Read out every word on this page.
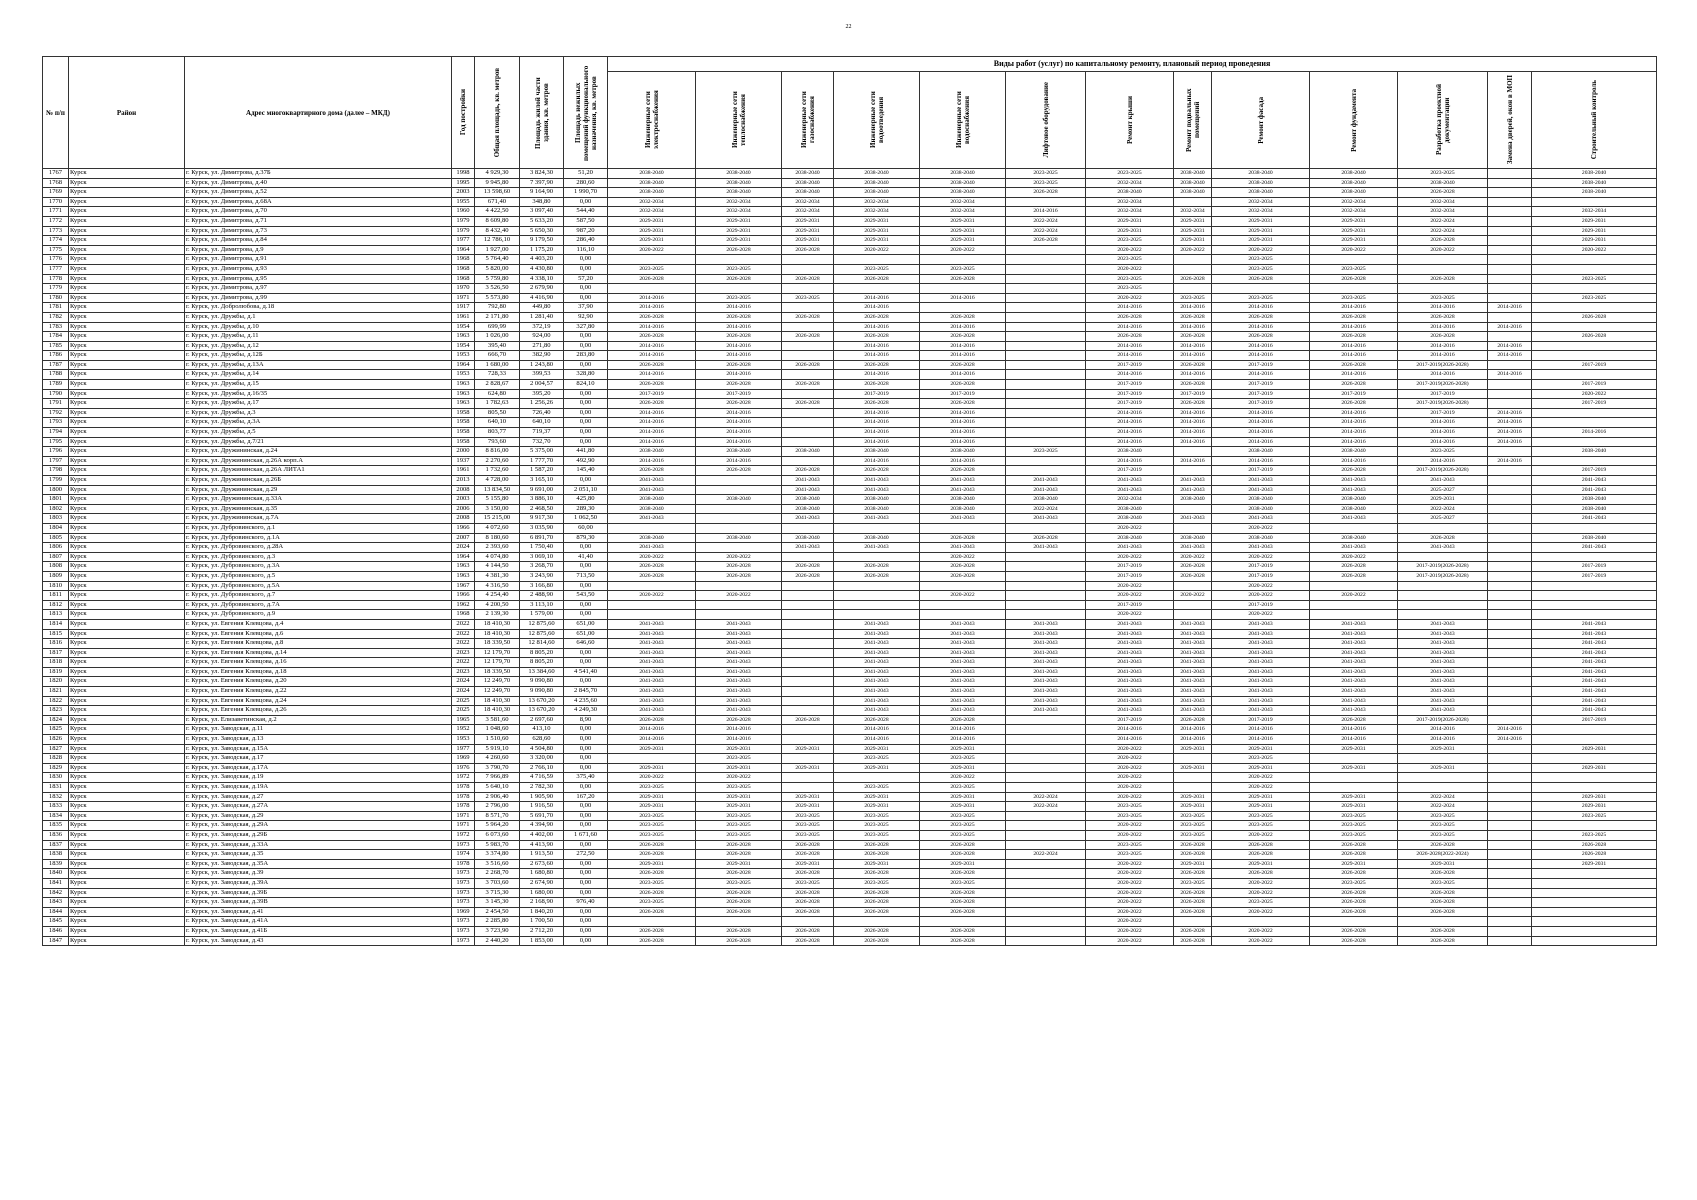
22
№ п/п	Район	Адрес многоквартирного дома (далее – МКД)	Год постройки	Общая площадь, кв. метров	Площадь жилой части здания, кв. метров	Площадь нежилых помещений функционального назначения, кв. метров	Виды работ (услуг) по капитальному ремонту, плановый период проведения												

							Инженерные сети электроснабжения	Инженерные сети теплоснабжения	Инженерные сети газоснабжения	Инженерные сети водоотведения	Инженерные сети водоснабжения	Лифтовое оборудование	Ремонт крыши	Ремонт подвальных помещений	Ремонт фасада	Ремонт фундамента	Разработка проектной документации	Замена дверей, окон в МОП	Строительный контроль

1767	Курск	г. Курск, ул. Димитрова, д.37Б	1998	4 929,30	3 824,30	51,20	2038-2040	2038-2040	2038-2040	2038-2040	2038-2040	2023-2025	2023-2025	2038-2040	2038-2040	2038-2040	2023-2025		2038-2040
1768	Курск	г. Курск, ул. Димитрова, д.40	1995	9 945,80	7 397,90	280,60	2038-2040	2038-2040	2038-2040	2038-2040	2038-2040	2023-2025	2032-2034	2038-2040	2038-2040	2038-2040	2038-2040		2038-2040
1769	Курск	г. Курск, ул. Димитрова, д.52	2003	13 598,60	9 164,90	1 990,70	2038-2040	2038-2040	2038-2040	2038-2040	2038-2040	2026-2028	2038-2040	2038-2040	2038-2040	2038-2040	2026-2028		2038-2040
1770	Курск	г. Курск, ул. Димитрова, д.68А	1955	671,40	348,80	0,00	2032-2034	2032-2034	2032-2034	2032-2034	2032-2034		2032-2034		2032-2034	2032-2034	2032-2034		
1771	Курск	г. Курск, ул. Димитрова, д.70	1960	4 422,50	3 097,40	544,40	2032-2034	2032-2034	2032-2034	2032-2034	2032-2034	2014-2016	2032-2034	2032-2034	2032-2034	2032-2034	2032-2034		2032-2034
1772	Курск	г. Курск, ул. Димитрова, д.71	1979	8 609,80	5 633,20	587,50	2029-2031	2029-2031	2029-2031	2029-2031	2029-2031	2022-2024	2029-2031	2029-2031	2029-2031	2029-2031	2022-2024		2029-2031
1773	Курск	г. Курск, ул. Димитрова, д.73	1979	8 432,40	5 650,30	987,20	2029-2031	2029-2031	2029-2031	2029-2031	2029-2031	2022-2024	2029-2031	2029-2031	2029-2031	2029-2031	2022-2024		2029-2031
1774	Курск	г. Курск, ул. Димитрова, д.84	1977	12 786,10	9 179,50	286,40	2029-2031	2029-2031	2029-2031	2029-2031	2029-2031	2026-2028	2023-2025	2029-2031	2029-2031	2029-2031	2026-2028		2029-2031
1775	Курск	г. Курск, ул. Димитрова, д.9	1964	1 927,00	1 175,20	116,10	2020-2022	2026-2028	2026-2028	2020-2022	2020-2022		2020-2022	2020-2022	2020-2022	2020-2022	2020-2022		2020-2022
1776	Курск	г. Курск, ул. Димитрова, д.91	1968	5 764,40	4 403,20	0,00							2023-2025		2023-2025				
1777	Курск	г. Курск, ул. Димитрова, д.93	1968	5 820,00	4 430,80	0,00	2023-2025	2023-2025		2023-2025	2023-2025		2020-2022		2023-2025	2023-2025			
1778	Курск	г. Курск, ул. Димитрова, д.95	1968	5 759,80	4 338,10	57,20	2026-2028	2026-2028	2026-2028	2026-2028	2026-2028		2023-2025	2026-2028	2026-2028	2026-2028	2026-2028		2023-2025
1779	Курск	г. Курск, ул. Димитрова, д.97	1970	3 526,50	2 679,90	0,00							2023-2025						
1780	Курск	г. Курск, ул. Димитрова, д.99	1971	5 573,80	4 416,90	0,00	2014-2016	2023-2025	2023-2025	2014-2016	2014-2016		2020-2022	2023-2025	2023-2025	2023-2025	2023-2025		2023-2025
1781	Курск	г. Курск, ул. Добролюбова, д.18	1917	792,80	449,80	37,90	2014-2016	2014-2016		2014-2016			2014-2016	2014-2016	2014-2016	2014-2016	2014-2016	2014-2016	
1782	Курск	г. Курск, ул. Дружбы, д.1	1961	2 171,80	1 281,40	92,90	2026-2028	2026-2028	2026-2028	2026-2028	2026-2028		2026-2028	2026-2028	2026-2028	2026-2028	2026-2028		2026-2028
1783	Курск	г. Курск, ул. Дружбы, д.10	1954	699,99	372,19	327,80	2014-2016	2014-2016		2014-2016	2014-2016		2014-2016	2014-2016	2014-2016	2014-2016	2014-2016	2014-2016	
1784	Курск	г. Курск, ул. Дружбы, д.11	1963	1 026,00	924,00	0,00	2026-2028	2026-2028	2026-2028	2026-2028	2026-2028		2026-2028	2026-2028	2026-2028	2026-2028	2026-2028		2026-2028
1785	Курск	г. Курск, ул. Дружбы, д.12	1954	395,40	271,80	0,00	2014-2016	2014-2016		2014-2016	2014-2016		2014-2016	2014-2016	2014-2016	2014-2016	2014-2016	2014-2016	
1786	Курск	г. Курск, ул. Дружбы, д.12Б	1953	666,70	382,90	283,80	2014-2016	2014-2016		2014-2016	2014-2016		2014-2016	2014-2016	2014-2016	2014-2016	2014-2016	2014-2016	
1787	Курск	г. Курск, ул. Дружбы, д.13А	1964	1 680,00	1 243,80	0,00	2026-2028	2026-2028	2026-2028	2026-2028	2026-2028		2017-2019	2026-2028	2017-2019	2026-2028	2017-2019(2026-2028)		2017-2019
1788	Курск	г. Курск, ул. Дружбы, д.14	1953	728,33	399,53	328,80	2014-2016	2014-2016		2014-2016	2014-2016		2014-2016	2014-2016	2014-2016	2014-2016	2014-2016	2014-2016	
1789	Курск	г. Курск, ул. Дружбы, д.15	1963	2 828,67	2 004,57	824,10	2026-2028	2026-2028	2026-2028	2026-2028	2026-2028		2017-2019	2026-2028	2017-2019	2026-2028	2017-2019(2026-2028)		2017-2019
1790	Курск	г. Курск, ул. Дружбы, д.16/35	1963	624,80	395,20	0,00	2017-2019	2017-2019		2017-2019	2017-2019		2017-2019	2017-2019	2017-2019	2017-2019	2017-2019		2020-2022
1791	Курск	г. Курск, ул. Дружбы, д.17	1963	1 782,63	1 256,26	0,00	2026-2028	2026-2028	2026-2028	2026-2028	2026-2028		2017-2019	2026-2028	2017-2019	2026-2028	2017-2019(2026-2028)		2017-2019
1792	Курск	г. Курск, ул. Дружбы, д.3	1958	805,50	726,40	0,00	2014-2016	2014-2016		2014-2016	2014-2016		2014-2016	2014-2016	2014-2016	2014-2016	2017-2019	2014-2016	
1793	Курск	г. Курск, ул. Дружбы, д.3А	1958	640,10	640,10	0,00	2014-2016	2014-2016		2014-2016	2014-2016		2014-2016	2014-2016	2014-2016	2014-2016	2014-2016	2014-2016	
1794	Курск	г. Курск, ул. Дружбы, д.5	1958	803,77	719,37	0,00	2014-2016	2014-2016		2014-2016	2014-2016		2014-2016	2014-2016	2014-2016	2014-2016	2014-2016	2014-2016	2014-2016
1795	Курск	г. Курск, ул. Дружбы, д.7/21	1958	793,60	732,70	0,00	2014-2016	2014-2016		2014-2016	2014-2016		2014-2016	2014-2016	2014-2016	2014-2016	2014-2016	2014-2016	
1796	Курск	г. Курск, ул. Дружининская, д.24	2000	8 816,00	5 375,00	441,80	2038-2040	2038-2040	2038-2040	2038-2040	2038-2040	2023-2025	2038-2040		2038-2040	2038-2040	2023-2025		2038-2040
1797	Курск	г. Курск, ул. Дружининская, д.26А корп.А	1937	2 270,60	1 777,70	492,90	2014-2016	2014-2016		2014-2016	2014-2016		2014-2016	2014-2016	2014-2016	2014-2016	2014-2016	2014-2016	
1798	Курск	г. Курск, ул. Дружининская, д.26А ЛИТА1	1961	1 732,60	1 587,20	145,40	2026-2028	2026-2028	2026-2028	2026-2028	2026-2028		2017-2019		2017-2019	2026-2028	2017-2019(2026-2028)		2017-2019
1799	Курск	г. Курск, ул. Дружининская, д.26Б	2013	4 728,00	3 165,10	0,00	2041-2043		2041-2043	2041-2043	2041-2043	2041-2043	2041-2043	2041-2043	2041-2043	2041-2043	2041-2043		2041-2043
1800	Курск	г. Курск, ул. Дружининская, д.29	2008	13 834,50	9 691,00	2 051,10	2041-2043		2041-2043	2041-2043	2041-2043	2041-2043	2041-2043	2041-2043	2041-2043	2041-2043	2025-2027		2041-2043
1801	Курск	г. Курск, ул. Дружининская, д.33А	2003	5 155,80	3 886,10	425,80	2038-2040	2038-2040	2038-2040	2038-2040	2038-2040	2038-2040	2032-2034	2038-2040	2038-2040	2038-2040	2029-2031		2038-2040
1802	Курск	г. Курск, ул. Дружининская, д.35	2006	3 150,00	2 468,50	289,30	2038-2040		2038-2040	2038-2040	2038-2040	2022-2024	2038-2040		2038-2040	2038-2040	2022-2024		2038-2040
1803	Курск	г. Курск, ул. Дружининская, д.7А	2008	15 215,00	9 917,30	1 062,50	2041-2043		2041-2043	2041-2043	2041-2043	2041-2043	2038-2040	2041-2043	2041-2043	2041-2043	2025-2027		2041-2043
1804	Курск	г. Курск, ул. Дубровинского, д.1	1966	4 072,60	3 035,90	60,00							2020-2022		2020-2022				
1805	Курск	г. Курск, ул. Дубровинского, д.1А	2007	8 180,60	6 891,70	879,30	2038-2040	2038-2040	2038-2040	2038-2040	2026-2028	2026-2028	2038-2040	2038-2040	2038-2040	2038-2040	2026-2028		2038-2040
1806	Курск	г. Курск, ул. Дубровинского, д.28А	2024	2 393,60	1 750,40	0,00	2041-2043		2041-2043	2041-2043	2041-2043	2041-2043	2041-2043	2041-2043	2041-2043	2041-2043	2041-2043		2041-2043
1807	Курск	г. Курск, ул. Дубровинского, д.3	1964	4 074,80	3 069,10	41,40	2020-2022	2020-2022			2020-2022		2020-2022	2020-2022	2020-2022	2020-2022			
1808	Курск	г. Курск, ул. Дубровинского, д.3А	1963	4 144,50	3 268,70	0,00	2026-2028	2026-2028	2026-2028	2026-2028	2026-2028		2017-2019	2026-2028	2017-2019	2026-2028	2017-2019(2026-2028)		2017-2019
1809	Курск	г. Курск, ул. Дубровинского, д.5	1963	4 381,30	3 243,90	713,50	2026-2028	2026-2028	2026-2028	2026-2028	2026-2028		2017-2019	2026-2028	2017-2019	2026-2028	2017-2019(2026-2028)		2017-2019
1810	Курск	г. Курск, ул. Дубровинского, д.5А	1967	4 316,50	3 166,80	0,00							2020-2022		2020-2022				
1811	Курск	г. Курск, ул. Дубровинского, д.7	1966	4 254,40	2 488,90	543,50	2020-2022	2020-2022			2020-2022		2020-2022	2020-2022	2020-2022	2020-2022			
1812	Курск	г. Курск, ул. Дубровинского, д.7А	1962	4 200,50	3 113,10	0,00							2017-2019		2017-2019				
1813	Курск	г. Курск, ул. Дубровинского, д.9	1968	2 139,30	1 579,00	0,00							2020-2022		2020-2022				
1814	Курск	г. Курск, ул. Евгения Клевцова, д.4	2022	18 410,30	12 875,60	651,00	2041-2043	2041-2043		2041-2043	2041-2043	2041-2043	2041-2043	2041-2043	2041-2043	2041-2043	2041-2043		2041-2043
1815	Курск	г. Курск, ул. Евгения Клевцова, д.6	2022	18 410,30	12 875,60	651,00	2041-2043	2041-2043		2041-2043	2041-2043	2041-2043	2041-2043	2041-2043	2041-2043	2041-2043	2041-2043		2041-2043
1816	Курск	г. Курск, ул. Евгения Клевцова, д.8	2022	18 339,50	12 814,60	646,60	2041-2043	2041-2043		2041-2043	2041-2043	2041-2043	2041-2043	2041-2043	2041-2043	2041-2043	2041-2043		2041-2043
1817	Курск	г. Курск, ул. Евгения Клевцова, д.14	2023	12 179,70	8 805,20	0,00	2041-2043	2041-2043		2041-2043	2041-2043	2041-2043	2041-2043	2041-2043	2041-2043	2041-2043	2041-2043		2041-2043
1818	Курск	г. Курск, ул. Евгения Клевцова, д.16	2022	12 179,70	8 805,20	0,00	2041-2043	2041-2043		2041-2043	2041-2043	2041-2043	2041-2043	2041-2043	2041-2043	2041-2043	2041-2043		2041-2043
1819	Курск	г. Курск, ул. Евгения Клевцова, д.18	2023	18 339,50	13 384,60	4 541,40	2041-2043	2041-2043		2041-2043	2041-2043	2041-2043	2041-2043	2041-2043	2041-2043	2041-2043	2041-2043		2041-2043
1820	Курск	г. Курск, ул. Евгения Клевцова, д.20	2024	12 249,70	9 090,80	0,00	2041-2043	2041-2043		2041-2043	2041-2043	2041-2043	2041-2043	2041-2043	2041-2043	2041-2043	2041-2043		2041-2043
1821	Курск	г. Курск, ул. Евгения Клевцова, д.22	2024	12 249,70	9 090,80	2 845,70	2041-2043	2041-2043		2041-2043	2041-2043	2041-2043	2041-2043	2041-2043	2041-2043	2041-2043	2041-2043		2041-2043
1822	Курск	г. Курск, ул. Евгения Клевцова, д.24	2025	18 410,30	13 670,20	4 235,60	2041-2043	2041-2043		2041-2043	2041-2043	2041-2043	2041-2043	2041-2043	2041-2043	2041-2043	2041-2043		2041-2043
1823	Курск	г. Курск, ул. Евгения Клевцова, д.26	2025	18 410,30	13 670,20	4 249,30	2041-2043	2041-2043		2041-2043	2041-2043	2041-2043	2041-2043	2041-2043	2041-2043	2041-2043	2041-2043		2041-2043
1824	Курск	г. Курск, ул. Елизаветинская, д.2	1965	3 581,60	2 697,60	8,90	2026-2028	2026-2028	2026-2028	2026-2028	2026-2028		2017-2019	2026-2028	2017-2019	2026-2028	2017-2019(2026-2028)		2017-2019
1825	Курск	г. Курск, ул. Заводская, д.11	1952	1 048,60	413,10	0,00	2014-2016	2014-2016		2014-2016	2014-2016		2014-2016	2014-2016	2014-2016	2014-2016	2014-2016	2014-2016	
1826	Курск	г. Курск, ул. Заводская, д.13	1953	1 510,60	628,60	0,00	2014-2016	2014-2016		2014-2016	2014-2016		2014-2016	2014-2016	2014-2016	2014-2016	2014-2016	2014-2016	
1827	Курск	г. Курск, ул. Заводская, д.15А	1977	5 919,10	4 504,80	0,00	2029-2031	2029-2031	2029-2031	2029-2031	2029-2031		2020-2022	2029-2031	2029-2031	2029-2031	2029-2031		2029-2031
1828	Курск	г. Курск, ул. Заводская, д.17	1969	4 260,60	3 320,00	0,00		2023-2025		2023-2025	2023-2025		2020-2022		2023-2025				
1829	Курск	г. Курск, ул. Заводская, д.17А	1976	3 790,70	2 766,10	0,00	2029-2031	2029-2031	2029-2031	2029-2031	2029-2031		2020-2022	2029-2031	2029-2031	2029-2031	2029-2031		2029-2031
1830	Курск	г. Курск, ул. Заводская, д.19	1972	7 966,89	4 716,59	375,40	2020-2022	2020-2022			2020-2022		2020-2022		2020-2022				
1831	Курск	г. Курск, ул. Заводская, д.19А	1978	5 640,10	2 782,30	0,00	2023-2025	2023-2025		2023-2025	2023-2025		2020-2022		2020-2022				
1832	Курск	г. Курск, ул. Заводская, д.27	1978	2 906,40	1 905,90	167,20	2029-2031	2029-2031	2029-2031	2029-2031	2029-2031	2022-2024	2020-2022	2029-2031	2029-2031	2029-2031	2022-2024		2029-2031
1833	Курск	г. Курск, ул. Заводская, д.27А	1978	2 796,00	1 916,50	0,00	2029-2031	2029-2031	2029-2031	2029-2031	2029-2031	2022-2024	2023-2025	2029-2031	2029-2031	2029-2031	2022-2024		2029-2031
1834	Курск	г. Курск, ул. Заводская, д.29	1971	8 571,70	5 691,70	0,00	2023-2025	2023-2025	2023-2025	2023-2025	2023-2025		2023-2025	2023-2025	2023-2025	2023-2025	2023-2025		2023-2025
1835	Курск	г. Курск, ул. Заводская, д.29А	1971	5 964,20	4 394,90	0,00	2023-2025	2023-2025	2023-2025	2023-2025	2023-2025		2020-2022	2023-2025	2023-2025	2023-2025	2023-2025		
1836	Курск	г. Курск, ул. Заводская, д.29Б	1972	6 073,60	4 402,00	1 671,60	2023-2025	2023-2025	2023-2025	2023-2025	2023-2025		2020-2022	2023-2025	2020-2022	2023-2025	2023-2025		2023-2025
1837	Курск	г. Курск, ул. Заводская, д.33А	1973	5 983,70	4 413,90	0,00	2026-2028	2026-2028	2026-2028	2026-2028	2026-2028		2023-2025	2026-2028	2026-2028	2026-2028	2026-2028		2026-2028
1838	Курск	г. Курск, ул. Заводская, д.35	1974	3 374,80	1 913,50	272,50	2026-2028	2026-2028	2026-2028	2026-2028	2026-2028	2022-2024	2023-2025	2026-2028	2026-2028	2026-2028	2026-2028(2022-2024)		2026-2028
1839	Курск	г. Курск, ул. Заводская, д.35А	1978	3 516,60	2 673,60	0,00	2029-2031	2029-2031	2029-2031	2029-2031	2029-2031		2020-2022	2029-2031	2029-2031	2029-2031	2029-2031		2029-2031
1840	Курск	г. Курск, ул. Заводская, д.39	1973	2 268,70	1 680,80	0,00	2026-2028	2026-2028	2026-2028	2026-2028	2026-2028		2020-2022	2026-2028	2026-2028	2026-2028	2026-2028		
1841	Курск	г. Курск, ул. Заводская, д.39А	1973	3 703,60	2 674,90	0,00	2023-2025	2023-2025	2023-2025	2023-2025	2023-2025		2020-2022	2023-2025	2020-2022	2023-2025	2023-2025		
1842	Курск	г. Курск, ул. Заводская, д.39Б	1973	3 715,30	1 680,00	0,00	2026-2028	2026-2028	2026-2028	2026-2028	2026-2028		2020-2022	2026-2028	2020-2022	2026-2028	2026-2028		
1843	Курск	г. Курск, ул. Заводская, д.39В	1973	3 145,30	2 168,90	976,40	2023-2025	2026-2028	2026-2028	2026-2028	2026-2028		2020-2022	2026-2028	2023-2025	2026-2028	2026-2028		
1844	Курск	г. Курск, ул. Заводская, д.41	1969	2 454,50	1 840,20	0,00	2026-2028	2026-2028	2026-2028	2026-2028	2026-2028		2020-2022	2026-2028	2020-2022	2026-2028	2026-2028		
1845	Курск	г. Курск, ул. Заводская, д.41А	1973	2 285,80	1 700,50	0,00							2020-2022						
1846	Курск	г. Курск, ул. Заводская, д.41Б	1973	3 723,90	2 712,20	0,00	2026-2028	2026-2028	2026-2028	2026-2028	2026-2028		2020-2022	2026-2028	2020-2022	2026-2028	2026-2028		
1847	Курск	г. Курск, ул. Заводская, д.43	1973	2 440,20	1 853,00	0,00	2026-2028	2026-2028	2026-2028	2026-2028	2026-2028		2020-2022	2026-2028	2020-2022	2026-2028	2026-2028		
